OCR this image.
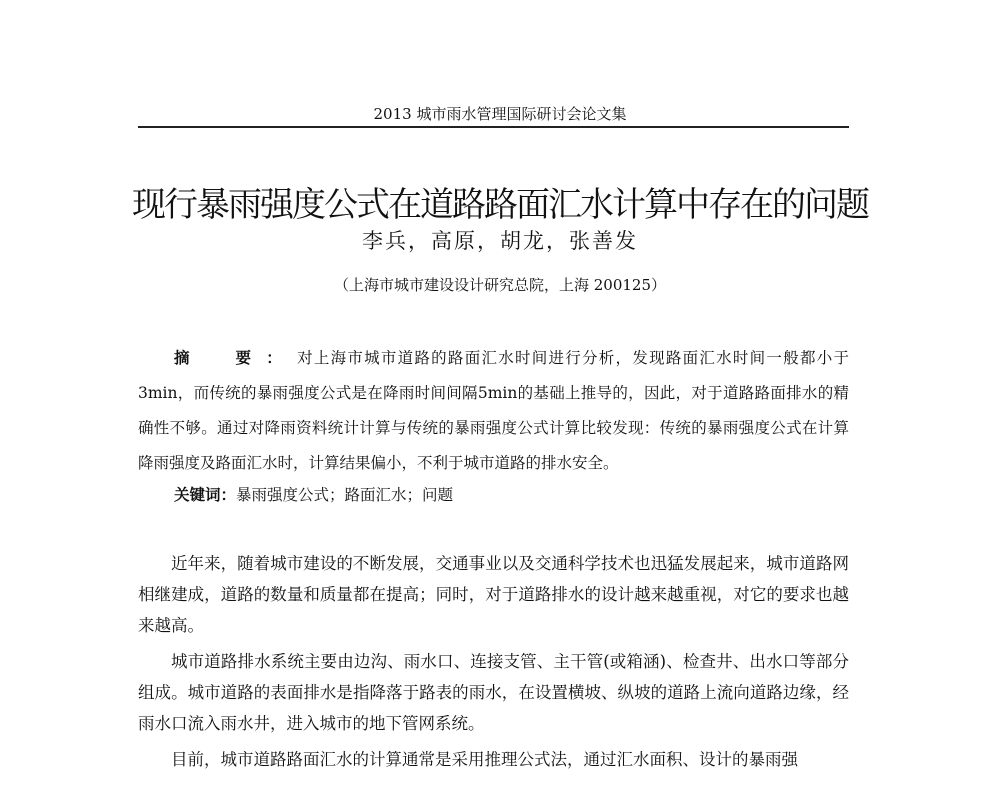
2013 城市雨水管理国际研讨会论文集
现行暴雨强度公式在道路路面汇水计算中存在的问题
李兵，高原，胡龙，张善发
（上海市城市建设设计研究总院，上海 200125）

摘　要：对上海市城市道路的路面汇水时间进行分析，发现路面汇水时间一般都小于3min，而传统的暴雨强度公式是在降雨时间间隔5min的基础上推导的，因此，对于道路路面排水的精确性不够。通过对降雨资料统计计算与传统的暴雨强度公式计算比较发现：传统的暴雨强度公式在计算降雨强度及路面汇水时，计算结果偏小，不利于城市道路的排水安全。

关键词：暴雨强度公式；路面汇水；问题

近年来，随着城市建设的不断发展，交通事业以及交通科学技术也迅猛发展起来，城市道路网相继建成，道路的数量和质量都在提高；同时，对于道路排水的设计越来越重视，对它的要求也越来越高。

城市道路排水系统主要由边沟、雨水口、连接支管、主干管(或箱涵)、检查井、出水口等部分组成。城市道路的表面排水是指降落于路表的雨水，在设置横坡、纵坡的道路上流向道路边缘，经雨水口流入雨水井，进入城市的地下管网系统。

目前，城市道路路面汇水的计算通常是采用推理公式法，通过汇水面积、设计的暴雨强
